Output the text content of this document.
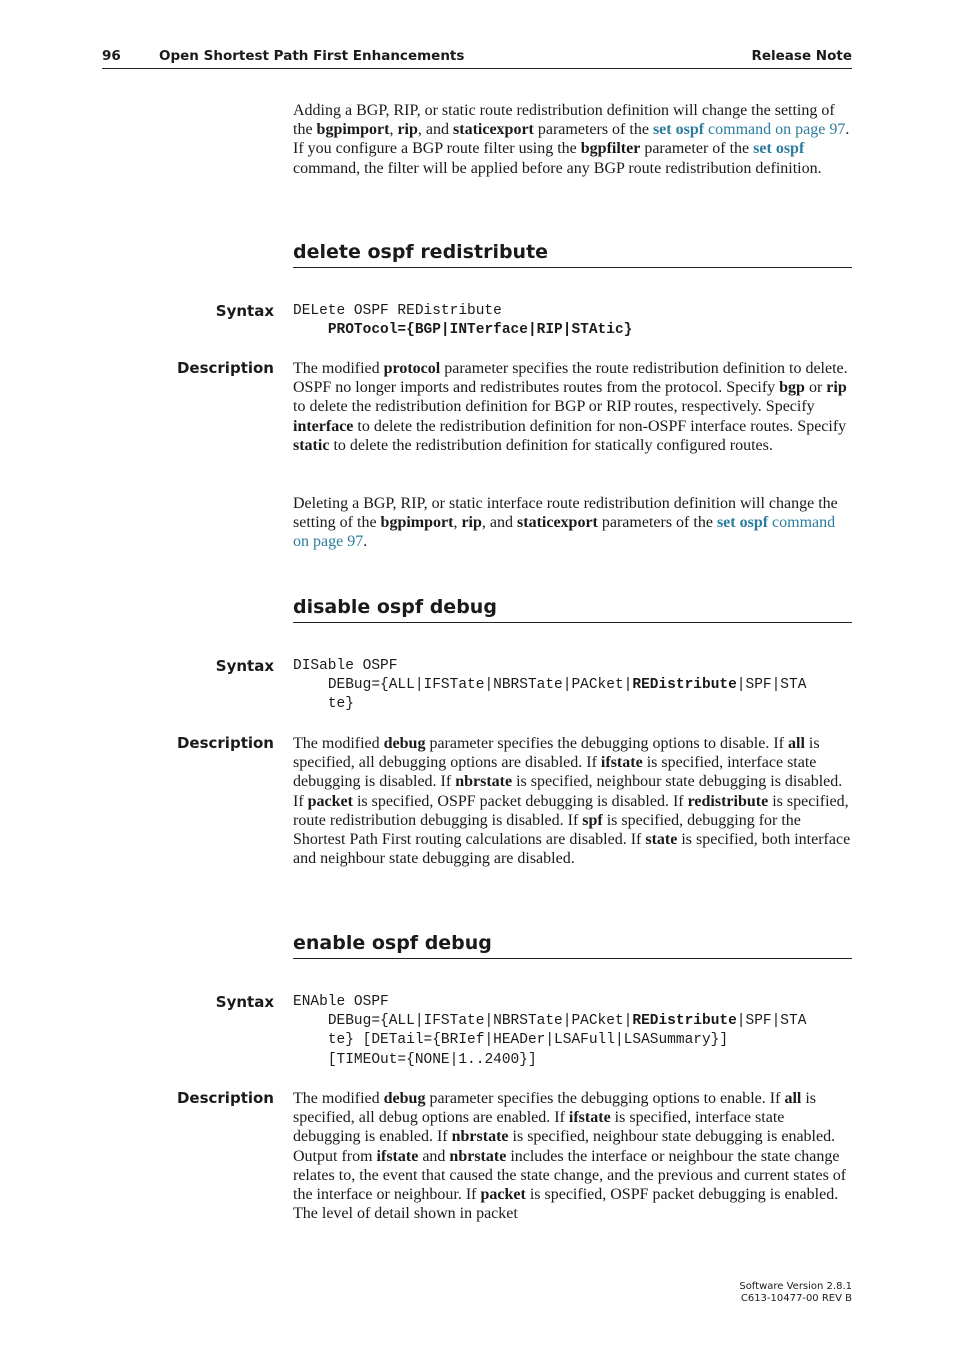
96	Open Shortest Path First Enhancements	Release Note

Adding a BGP, RIP, or static route redistribution definition will change the setting of the bgpimport, rip, and staticexport parameters of the set ospf command on page 97. If you configure a BGP route filter using the bgpfilter parameter of the set ospf command, the filter will be applied before any BGP route redistribution definition.

delete ospf redistribute

Syntax DELete OSPF REDistribute
PROTocol={BGP|INTerface|RIP|STAtic}

Description The modified protocol parameter specifies the route redistribution definition to delete. OSPF no longer imports and redistributes routes from the protocol. Specify bgp or rip to delete the redistribution definition for BGP or RIP routes, respectively. Specify interface to delete the redistribution definition for non-OSPF interface routes. Specify static to delete the redistribution definition for statically configured routes.

Deleting a BGP, RIP, or static interface route redistribution definition will change the setting of the bgpimport, rip, and staticexport parameters of the set ospf command on page 97.

disable ospf debug

Syntax DISable OSPF
DEBug={ALL|IFSTate|NBRSTate|PACket|REDistribute|SPF|STA
te}

Description The modified debug parameter specifies the debugging options to disable. If all is specified, all debugging options are disabled. If ifstate is specified, interface state debugging is disabled. If nbrstate is specified, neighbour state debugging is disabled. If packet is specified, OSPF packet debugging is disabled. If redistribute is specified, route redistribution debugging is disabled. If spf is specified, debugging for the Shortest Path First routing calculations are disabled. If state is specified, both interface and neighbour state debugging are disabled.

enable ospf debug

Syntax ENAble OSPF
DEBug={ALL|IFSTate|NBRSTate|PACket|REDistribute|SPF|STA
te} [DETail={BRIef|HEADer|LSAFull|LSASummary}]
[TIMEOut={NONE|1..2400}]

Description The modified debug parameter specifies the debugging options to enable. If all is specified, all debug options are enabled. If ifstate is specified, interface state debugging is enabled. If nbrstate is specified, neighbour state debugging is enabled. Output from ifstate and nbrstate includes the interface or neighbour the state change relates to, the event that caused the state change, and the previous and current states of the interface or neighbour. If packet is specified, OSPF packet debugging is enabled. The level of detail shown in packet

Software Version 2.8.1
C613-10477-00 REV B
